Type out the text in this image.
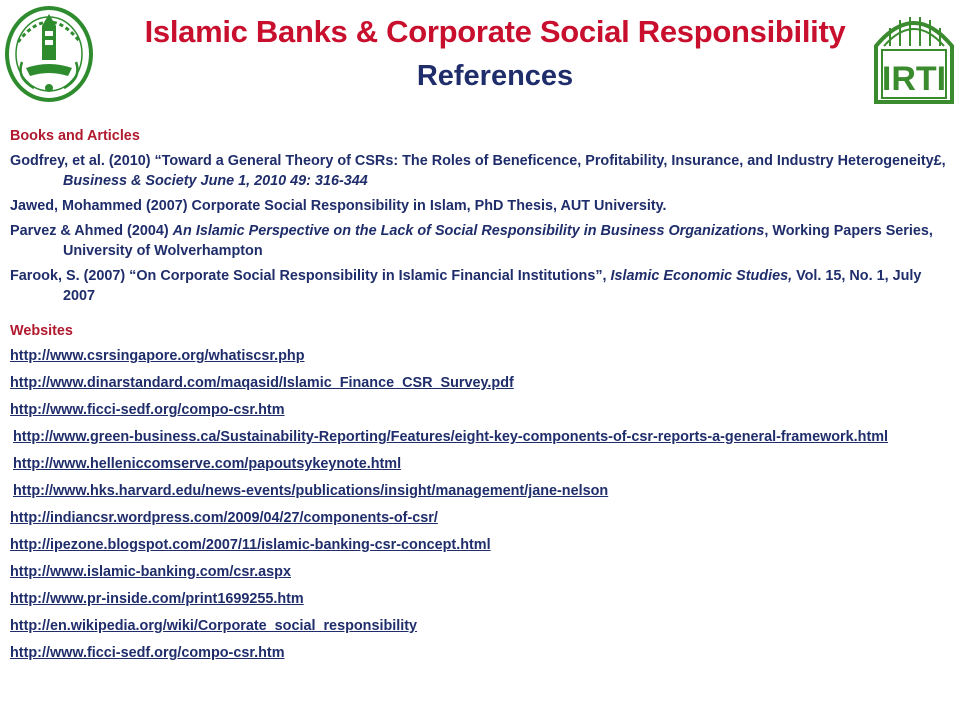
Islamic Banks & Corporate Social Responsibility
References	IRTI
Books and Articles
Godfrey, et al. (2010) “Toward a General Theory of CSRs: The Roles of Beneficence, Profitability, Insurance, and Industry Heterogeneity£, Business & Society June 1, 2010 49: 316-344
Jawed, Mohammed (2007) Corporate Social Responsibility in Islam, PhD Thesis, AUT University.
Parvez & Ahmed (2004) An Islamic Perspective on the Lack of Social Responsibility in Business Organizations, Working Papers Series, University of Wolverhampton
Farook, S. (2007) “On Corporate Social Responsibility in Islamic Financial Institutions”, Islamic Economic Studies, Vol. 15, No. 1, July 2007
Websites
http://www.csrsingapore.org/whatiscsr.php
http://www.dinarstandard.com/maqasid/Islamic_Finance_CSR_Survey.pdf
http://www.ficci-sedf.org/compo-csr.htm
http://www.green-business.ca/Sustainability-Reporting/Features/eight-key-components-of-csr-reports-a-general-framework.html
http://www.helleniccomserve.com/papoutsykeynote.html
http://www.hks.harvard.edu/news-events/publications/insight/management/jane-nelson
http://indiancsr.wordpress.com/2009/04/27/components-of-csr/
http://ipezone.blogspot.com/2007/11/islamic-banking-csr-concept.html
http://www.islamic-banking.com/csr.aspx
http://www.pr-inside.com/print1699255.htm
http://en.wikipedia.org/wiki/Corporate_social_responsibility
http://www.ficci-sedf.org/compo-csr.htm
